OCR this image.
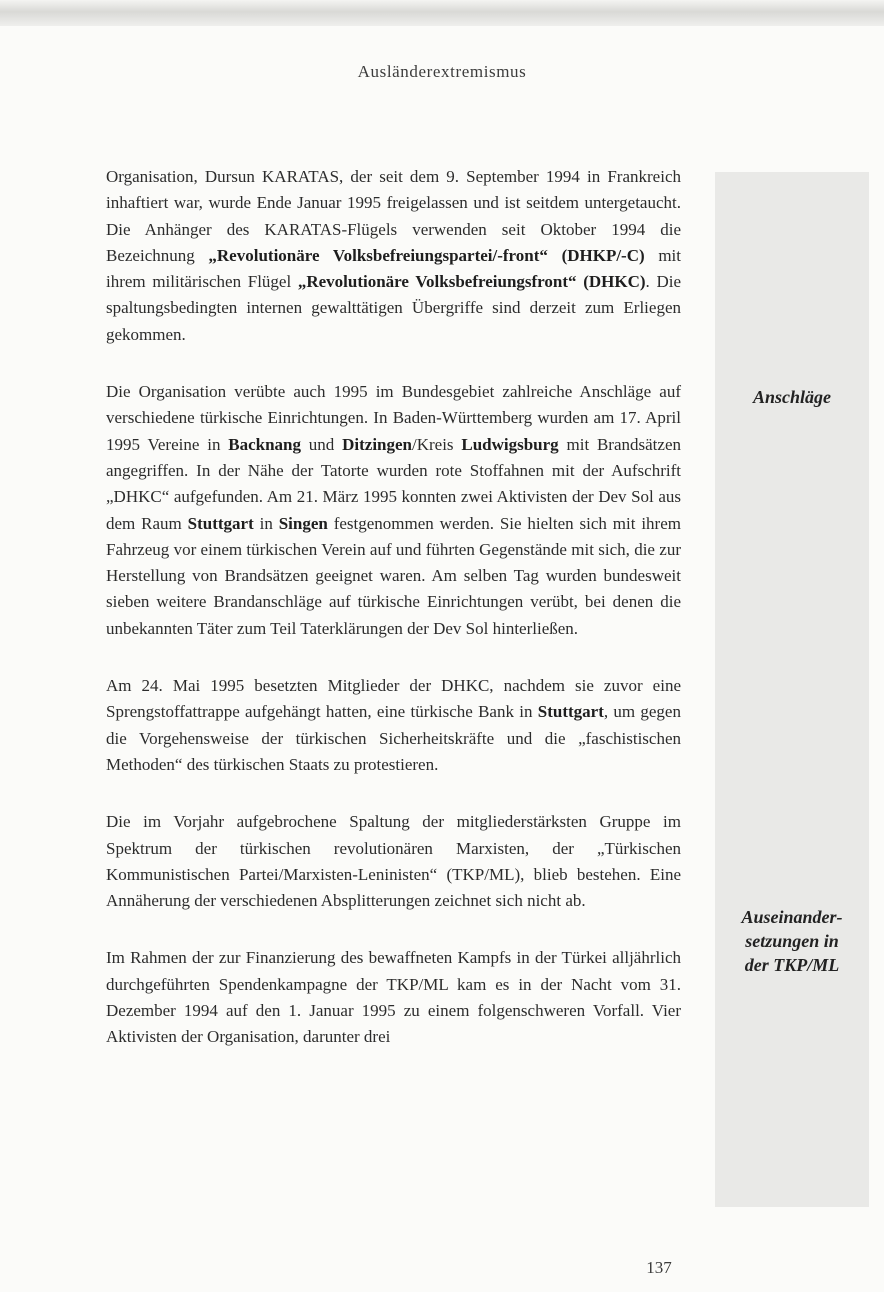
Ausländerextremismus

Organisation, Dursun KARATAS, der seit dem 9. September 1994 in Frankreich inhaftiert war, wurde Ende Januar 1995 freigelassen und ist seitdem untergetaucht. Die Anhänger des KARATAS-Flügels verwenden seit Oktober 1994 die Bezeichnung „Revolutionäre Volksbefreiungspartei/-front“ (DHKP/-C) mit ihrem militärischen Flügel „Revolutionäre Volksbefreiungsfront“ (DHKC). Die spaltungsbedingten internen gewalttätigen Übergriffe sind derzeit zum Erliegen gekommen.

Die Organisation verübte auch 1995 im Bundesgebiet zahlreiche Anschläge auf verschiedene türkische Einrichtungen. In Baden-Württemberg wurden am 17. April 1995 Vereine in Backnang und Ditzingen/Kreis Ludwigsburg mit Brandsätzen angegriffen. In der Nähe der Tatorte wurden rote Stoffahnen mit der Aufschrift „DHKC“ aufgefunden. Am 21. März 1995 konnten zwei Aktivisten der Dev Sol aus dem Raum Stuttgart in Singen festgenommen werden. Sie hielten sich mit ihrem Fahrzeug vor einem türkischen Verein auf und führten Gegenstände mit sich, die zur Herstellung von Brandsätzen geeignet waren. Am selben Tag wurden bundesweit sieben weitere Brandanschläge auf türkische Einrichtungen verübt, bei denen die unbekannten Täter zum Teil Taterklärungen der Dev Sol hinterließen.

Am 24. Mai 1995 besetzten Mitglieder der DHKC, nachdem sie zuvor eine Sprengstoffattrappe aufgehängt hatten, eine türkische Bank in Stuttgart, um gegen die Vorgehensweise der türkischen Sicherheitskräfte und die „faschistischen Methoden“ des türkischen Staats zu protestieren.

Die im Vorjahr aufgebrochene Spaltung der mitgliederstärksten Gruppe im Spektrum der türkischen revolutionären Marxisten, der „Türkischen Kommunistischen Partei/Marxisten-Leninisten“ (TKP/ML), blieb bestehen. Eine Annäherung der verschiedenen Absplitterungen zeichnet sich nicht ab.

Im Rahmen der zur Finanzierung des bewaffneten Kampfs in der Türkei alljährlich durchgeführten Spendenkampagne der TKP/ML kam es in der Nacht vom 31. Dezember 1994 auf den 1. Januar 1995 zu einem folgenschweren Vorfall. Vier Aktivisten der Organisation, darunter drei

Anschläge
Auseinander-
setzungen in
der TKP/ML
137
